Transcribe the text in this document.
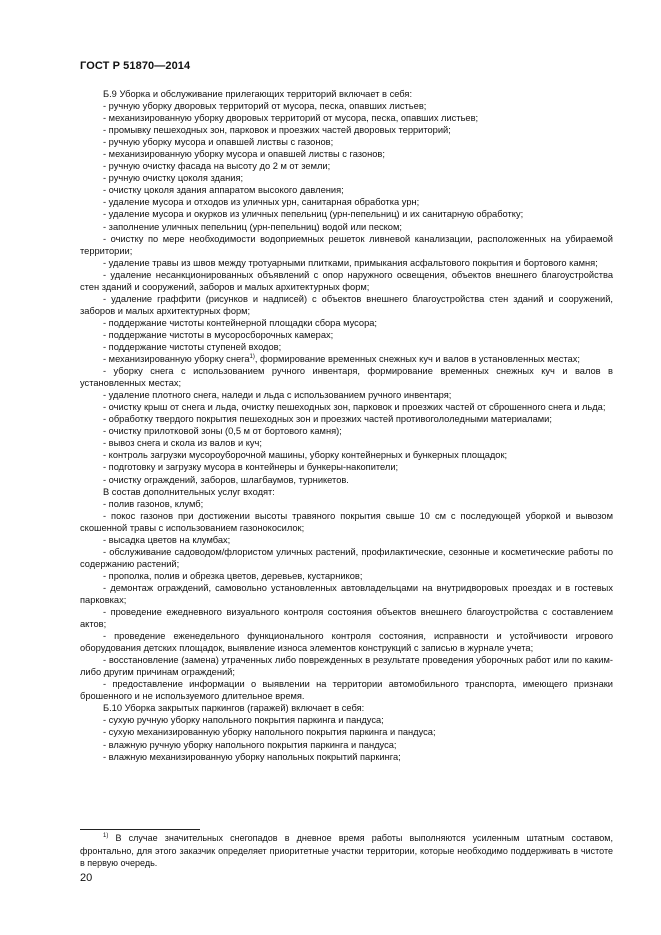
ГОСТ Р 51870—2014

Б.9 Уборка и обслуживание прилегающих территорий включает в себя:

- ручную уборку дворовых территорий от мусора, песка, опавших листьев;

- механизированную уборку дворовых территорий от мусора, песка, опавших листьев;

- промывку пешеходных зон, парковок и проезжих частей дворовых территорий;

- ручную уборку мусора и опавшей листвы с газонов;

- механизированную уборку мусора и опавшей листвы с газонов;

- ручную очистку фасада на высоту до 2 м от земли;

- ручную очистку цоколя здания;

- очистку цоколя здания аппаратом высокого давления;

- удаление мусора и отходов из уличных урн, санитарная обработка урн;

- удаление мусора и окурков из уличных пепельниц (урн-пепельниц) и их санитарную обработку;

- заполнение уличных пепельниц (урн-пепельниц) водой или песком;

- очистку по мере необходимости водоприемных решеток ливневой канализации, расположенных на убираемой территории;

- удаление травы из швов между тротуарными плитками, примыкания асфальтового покрытия и бортового камня;

- удаление несанкционированных объявлений с опор наружного освещения, объектов внешнего благоустройства стен зданий и сооружений, заборов и малых архитектурных форм;

- удаление граффити (рисунков и надписей) с объектов внешнего благоустройства стен зданий и сооружений, заборов и малых архитектурных форм;

- поддержание чистоты контейнерной площадки сбора мусора;

- поддержание чистоты в мусоросборочных камерах;

- поддержание чистоты ступеней входов;

- механизированную уборку снега$^{1)}$, формирование временных снежных куч и валов в установленных местах;

- уборку снега с использованием ручного инвентаря, формирование временных снежных куч и валов в установленных местах;

- удаление плотного снега, наледи и льда с использованием ручного инвентаря;

- очистку крыш от снега и льда, очистку пешеходных зон, парковок и проезжих частей от сброшенного снега и льда;

- обработку твердого покрытия пешеходных зон и проезжих частей противогололедными материалами;

- очистку прилотковой зоны (0,5 м от бортового камня);

- вывоз снега и скола из валов и куч;

- контроль загрузки мусороуборочной машины, уборку контейнерных и бункерных площадок;

- подготовку и загрузку мусора в контейнеры и бункеры-накопители;

- очистку ограждений, заборов, шлагбаумов, турникетов.

В состав дополнительных услуг входят:

- полив газонов, клумб;

- покос газонов при достижении высоты травяного покрытия свыше 10 см с последующей уборкой и вывозом скошенной травы с использованием газонокосилок;

- высадка цветов на клумбах;

- обслуживание садоводом/флористом уличных растений, профилактические, сезонные и косметические работы по содержанию растений;

- прополка, полив и обрезка цветов, деревьев, кустарников;

- демонтаж ограждений, самовольно установленных автовладельцами на внутридворовых проездах и в гостевых парковках;

- проведение ежедневного визуального контроля состояния объектов внешнего благоустройства с составлением актов;

- проведение еженедельного функционального контроля состояния, исправности и устойчивости игрового оборудования детских площадок, выявление износа элементов конструкций с записью в журнале учета;

- восстановление (замена) утраченных либо поврежденных в результате проведения уборочных работ или по каким-либо другим причинам ограждений;

- предоставление информации о выявлении на территории автомобильного транспорта, имеющего признаки брошенного и не используемого длительное время.

Б.10 Уборка закрытых паркингов (гаражей) включает в себя:

- сухую ручную уборку напольного покрытия паркинга и пандуса;

- сухую механизированную уборку напольного покрытия паркинга и пандуса;

- влажную ручную уборку напольного покрытия паркинга и пандуса;

- влажную механизированную уборку напольных покрытий паркинга;

$^{1)}$ В случае значительных снегопадов в дневное время работы выполняются усиленным штатным составом, фронтально, для этого заказчик определяет приоритетные участки территории, которые необходимо поддерживать в чистоте в первую очередь.

20
